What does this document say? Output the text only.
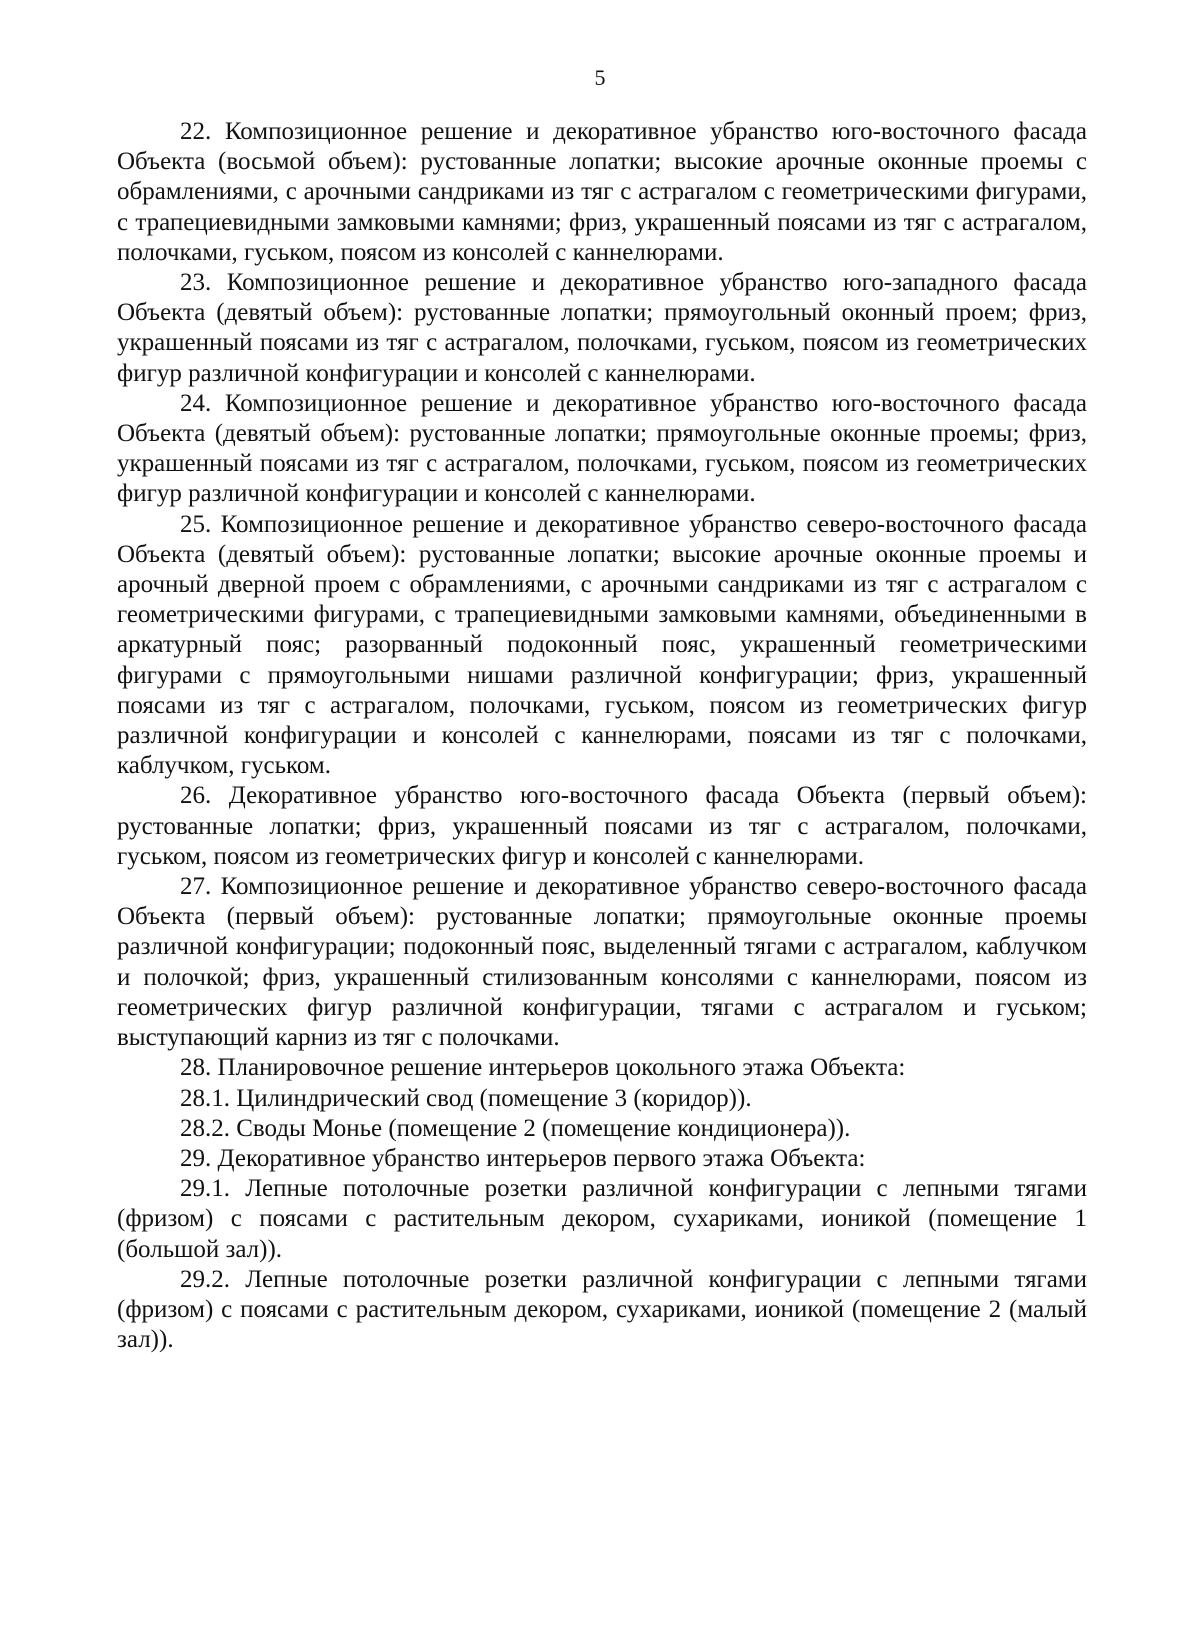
5

22. Композиционное решение и декоративное убранство юго-восточного фасада Объекта (восьмой объем): рустованные лопатки; высокие арочные оконные проемы с обрамлениями, с арочными сандриками из тяг с астрагалом с геометрическими фигурами, с трапециевидными замковыми камнями; фриз, украшенный поясами из тяг с астрагалом, полочками, гуськом, поясом из консолей с каннелюрами.

23. Композиционное решение и декоративное убранство юго-западного фасада Объекта (девятый объем): рустованные лопатки; прямоугольный оконный проем; фриз, украшенный поясами из тяг с астрагалом, полочками, гуськом, поясом из геометрических фигур различной конфигурации и консолей с каннелюрами.

24. Композиционное решение и декоративное убранство юго-восточного фасада Объекта (девятый объем): рустованные лопатки; прямоугольные оконные проемы; фриз, украшенный поясами из тяг с астрагалом, полочками, гуськом, поясом из геометрических фигур различной конфигурации и консолей с каннелюрами.

25. Композиционное решение и декоративное убранство северо-восточного фасада Объекта (девятый объем): рустованные лопатки; высокие арочные оконные проемы и арочный дверной проем с обрамлениями, с арочными сандриками из тяг с астрагалом с геометрическими фигурами, с трапециевидными замковыми камнями, объединенными в аркатурный пояс; разорванный подоконный пояс, украшенный геометрическими фигурами с прямоугольными нишами различной конфигурации; фриз, украшенный поясами из тяг с астрагалом, полочками, гуськом, поясом из геометрических фигур различной конфигурации и консолей с каннелюрами, поясами из тяг с полочками, каблучком, гуськом.

26. Декоративное убранство юго-восточного фасада Объекта (первый объем): рустованные лопатки; фриз, украшенный поясами из тяг с астрагалом, полочками, гуськом, поясом из геометрических фигур и консолей с каннелюрами.

27. Композиционное решение и декоративное убранство северо-восточного фасада Объекта (первый объем): рустованные лопатки; прямоугольные оконные проемы различной конфигурации; подоконный пояс, выделенный тягами с астрагалом, каблучком и полочкой; фриз, украшенный стилизованным консолями с каннелюрами, поясом из геометрических фигур различной конфигурации, тягами с астрагалом и гуськом; выступающий карниз из тяг с полочками.

28. Планировочное решение интерьеров цокольного этажа Объекта:

28.1. Цилиндрический свод (помещение 3 (коридор)).

28.2. Своды Монье (помещение 2 (помещение кондиционера)).

29. Декоративное убранство интерьеров первого этажа Объекта:

29.1. Лепные потолочные розетки различной конфигурации с лепными тягами (фризом) с поясами с растительным декором, сухариками, ионикой (помещение 1 (большой зал)).

29.2. Лепные потолочные розетки различной конфигурации с лепными тягами (фризом) с поясами с растительным декором, сухариками, ионикой (помещение 2 (малый зал)).
